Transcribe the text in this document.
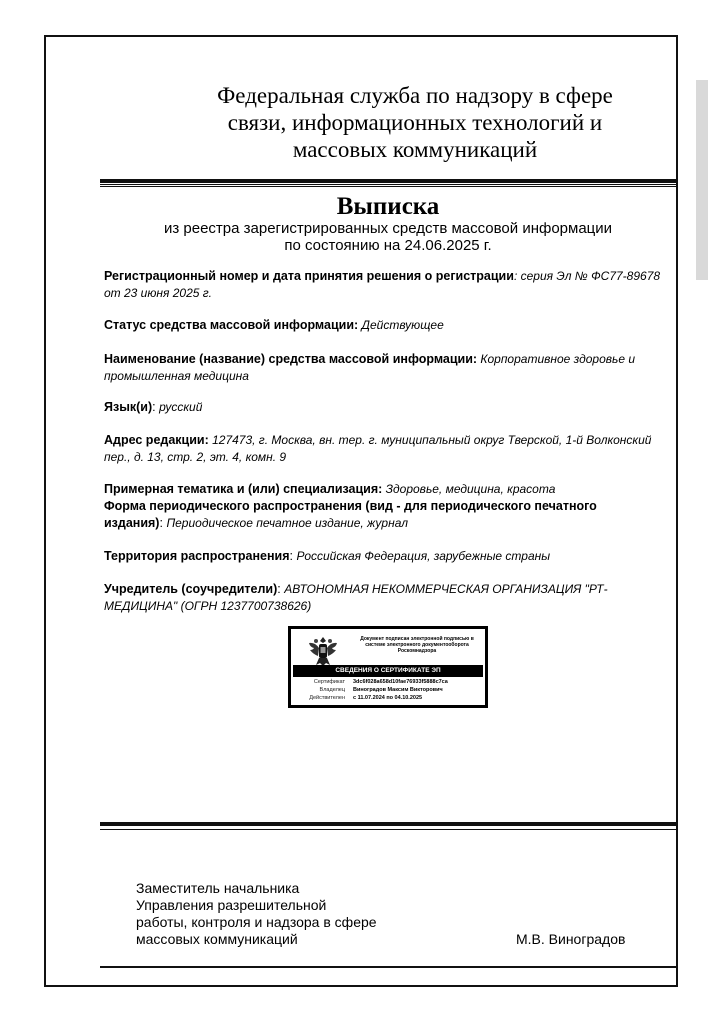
Федеральная служба по надзору в сфере
связи, информационных технологий и
массовых коммуникаций
Выписка
из реестра зарегистрированных средств массовой информации
по состоянию на 24.06.2025 г.
Регистрационный номер и дата принятия решения о регистрации: серия Эл № ФС77-89678
от 23 июня 2025 г.
Статус средства массовой информации: Действующее
Наименование (название) средства массовой информации: Корпоративное здоровье и
промышленная медицина
Язык(и): русский
Адрес редакции: 127473, г. Москва, вн. тер. г. муниципальный округ Тверской, 1-й Волконский
пер., д. 13, стр. 2, эт. 4, комн. 9
Примерная тематика и (или) специализация: Здоровье, медицина, красота
Форма периодического распространения (вид - для периодического печатного
издания): Периодическое печатное издание, журнал
Территория распространения: Российская Федерация, зарубежные страны
Учредитель (соучредители): АВТОНОМНАЯ НЕКОММЕРЧЕСКАЯ ОРГАНИЗАЦИЯ "РТ-
МЕДИЦИНА" (ОГРН 1237700738626)
Документ подписан электронной подписью в
системе электронного документооборота
Роскомнадзора
СВЕДЕНИЯ О СЕРТИФИКАТЕ ЭП
Сертификат 3dc6f028a658d10fae76933f5888c7ca
Владелец Виноградов Максим Викторович
Действителен с 11.07.2024 по 04.10.2025
Заместитель начальника
Управления разрешительной
работы, контроля и надзора в сфере
массовых коммуникаций	М.В. Виноградов
